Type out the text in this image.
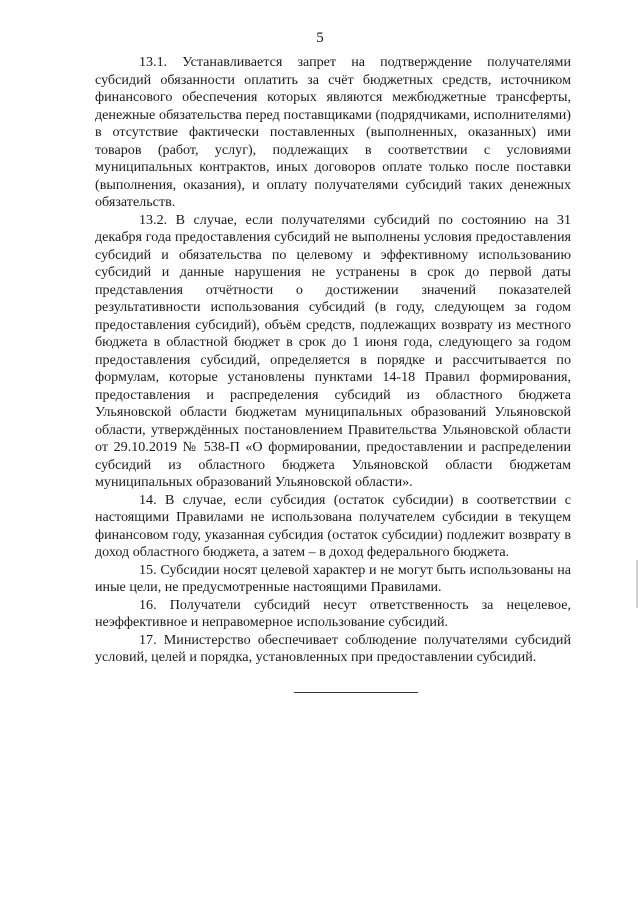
5

13.1. Устанавливается запрет на подтверждение получателями субсидий обязанности оплатить за счёт бюджетных средств, источником финансового обеспечения которых являются межбюджетные трансферты, денежные обязательства перед поставщиками (подрядчиками, исполнителями) в отсутствие фактически поставленных (выполненных, оказанных) ими товаров (работ, услуг), подлежащих в соответствии с условиями муниципальных контрактов, иных договоров оплате только после поставки (выполнения, оказания), и оплату получателями субсидий таких денежных обязательств.

13.2. В случае, если получателями субсидий по состоянию на 31 декабря года предоставления субсидий не выполнены условия предоставления субсидий и обязательства по целевому и эффективному использованию субсидий и данные нарушения не устранены в срок до первой даты представления отчётности о достижении значений показателей результативности использования субсидий (в году, следующем за годом предоставления субсидий), объём средств, подлежащих возврату из местного бюджета в областной бюджет в срок до 1 июня года, следующего за годом предоставления субсидий, определяется в порядке и рассчитывается по формулам, которые установлены пунктами 14-18 Правил формирования, предоставления и распределения субсидий из областного бюджета Ульяновской области бюджетам муниципальных образований Ульяновской области, утверждённых постановлением Правительства Ульяновской области от 29.10.2019 № 538-П «О формировании, предоставлении и распределении субсидий из областного бюджета Ульяновской области бюджетам муниципальных образований Ульяновской области».

14. В случае, если субсидия (остаток субсидии) в соответствии с настоящими Правилами не использована получателем субсидии в текущем финансовом году, указанная субсидия (остаток субсидии) подлежит возврату в доход областного бюджета, а затем – в доход федерального бюджета.

15. Субсидии носят целевой характер и не могут быть использованы на иные цели, не предусмотренные настоящими Правилами.

16. Получатели субсидий несут ответственность за нецелевое, неэффективное и неправомерное использование субсидий.

17. Министерство обеспечивает соблюдение получателями субсидий условий, целей и порядка, установленных при предоставлении субсидий.
